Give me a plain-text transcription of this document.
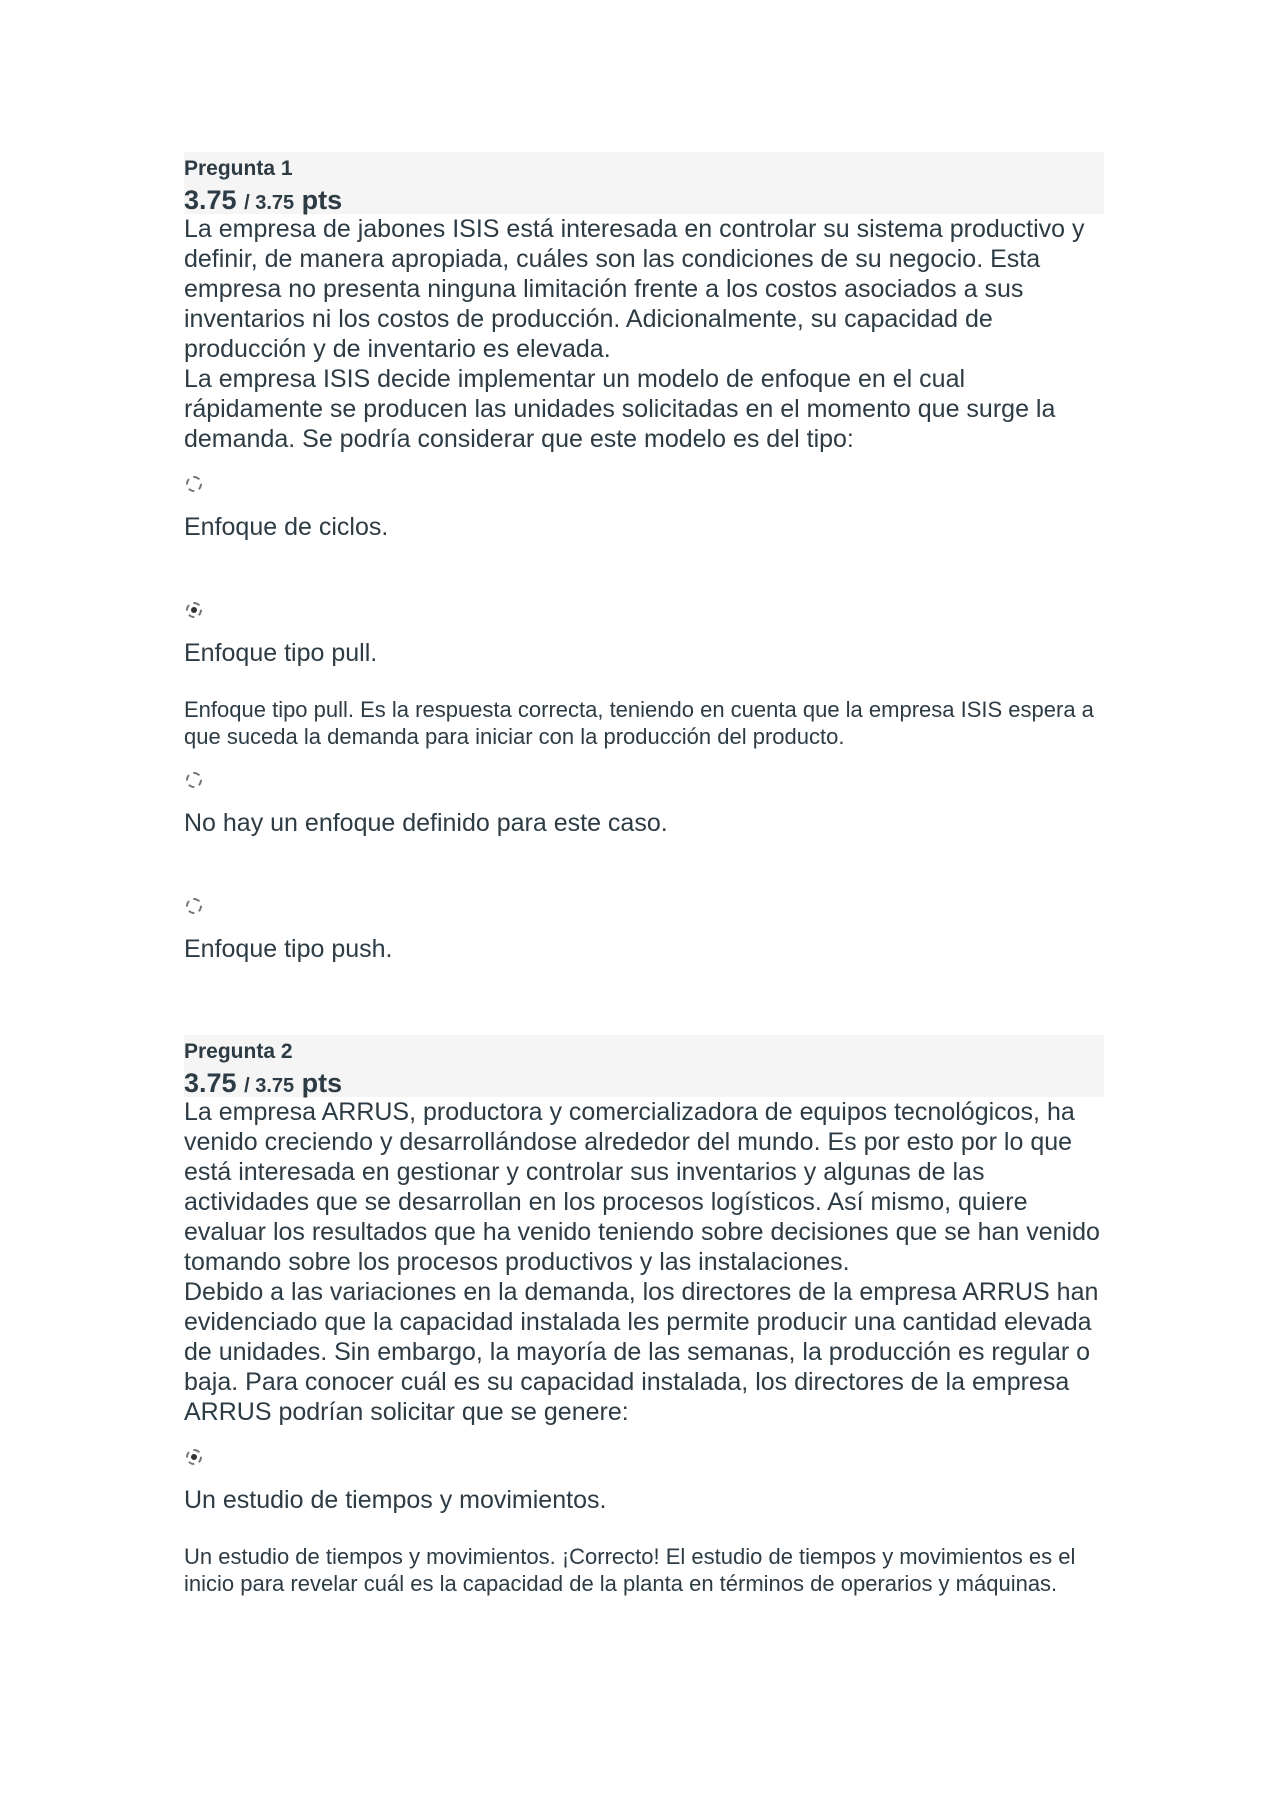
Pregunta 1
3.75 / 3.75 pts

La empresa de jabones ISIS está interesada en controlar su sistema productivo y definir, de manera apropiada, cuáles son las condiciones de su negocio. Esta empresa no presenta ninguna limitación frente a los costos asociados a sus inventarios ni los costos de producción. Adicionalmente, su capacidad de producción y de inventario es elevada.

La empresa ISIS decide implementar un modelo de enfoque en el cual rápidamente se producen las unidades solicitadas en el momento que surge la demanda. Se podría considerar que este modelo es del tipo:

Enfoque de ciclos.
Enfoque tipo pull.
Enfoque tipo pull. Es la respuesta correcta, teniendo en cuenta que la empresa ISIS espera a que suceda la demanda para iniciar con la producción del producto.
No hay un enfoque definido para este caso.
Enfoque tipo push.
Pregunta 2
3.75 / 3.75 pts

La empresa ARRUS, productora y comercializadora de equipos tecnológicos, ha venido creciendo y desarrollándose alrededor del mundo. Es por esto por lo que está interesada en gestionar y controlar sus inventarios y algunas de las actividades que se desarrollan en los procesos logísticos. Así mismo, quiere evaluar los resultados que ha venido teniendo sobre decisiones que se han venido tomando sobre los procesos productivos y las instalaciones.

Debido a las variaciones en la demanda, los directores de la empresa ARRUS han evidenciado que la capacidad instalada les permite producir una cantidad elevada de unidades. Sin embargo, la mayoría de las semanas, la producción es regular o baja. Para conocer cuál es su capacidad instalada, los directores de la empresa ARRUS podrían solicitar que se genere:

Un estudio de tiempos y movimientos.
Un estudio de tiempos y movimientos. ¡Correcto! El estudio de tiempos y movimientos es el inicio para revelar cuál es la capacidad de la planta en términos de operarios y máquinas.
